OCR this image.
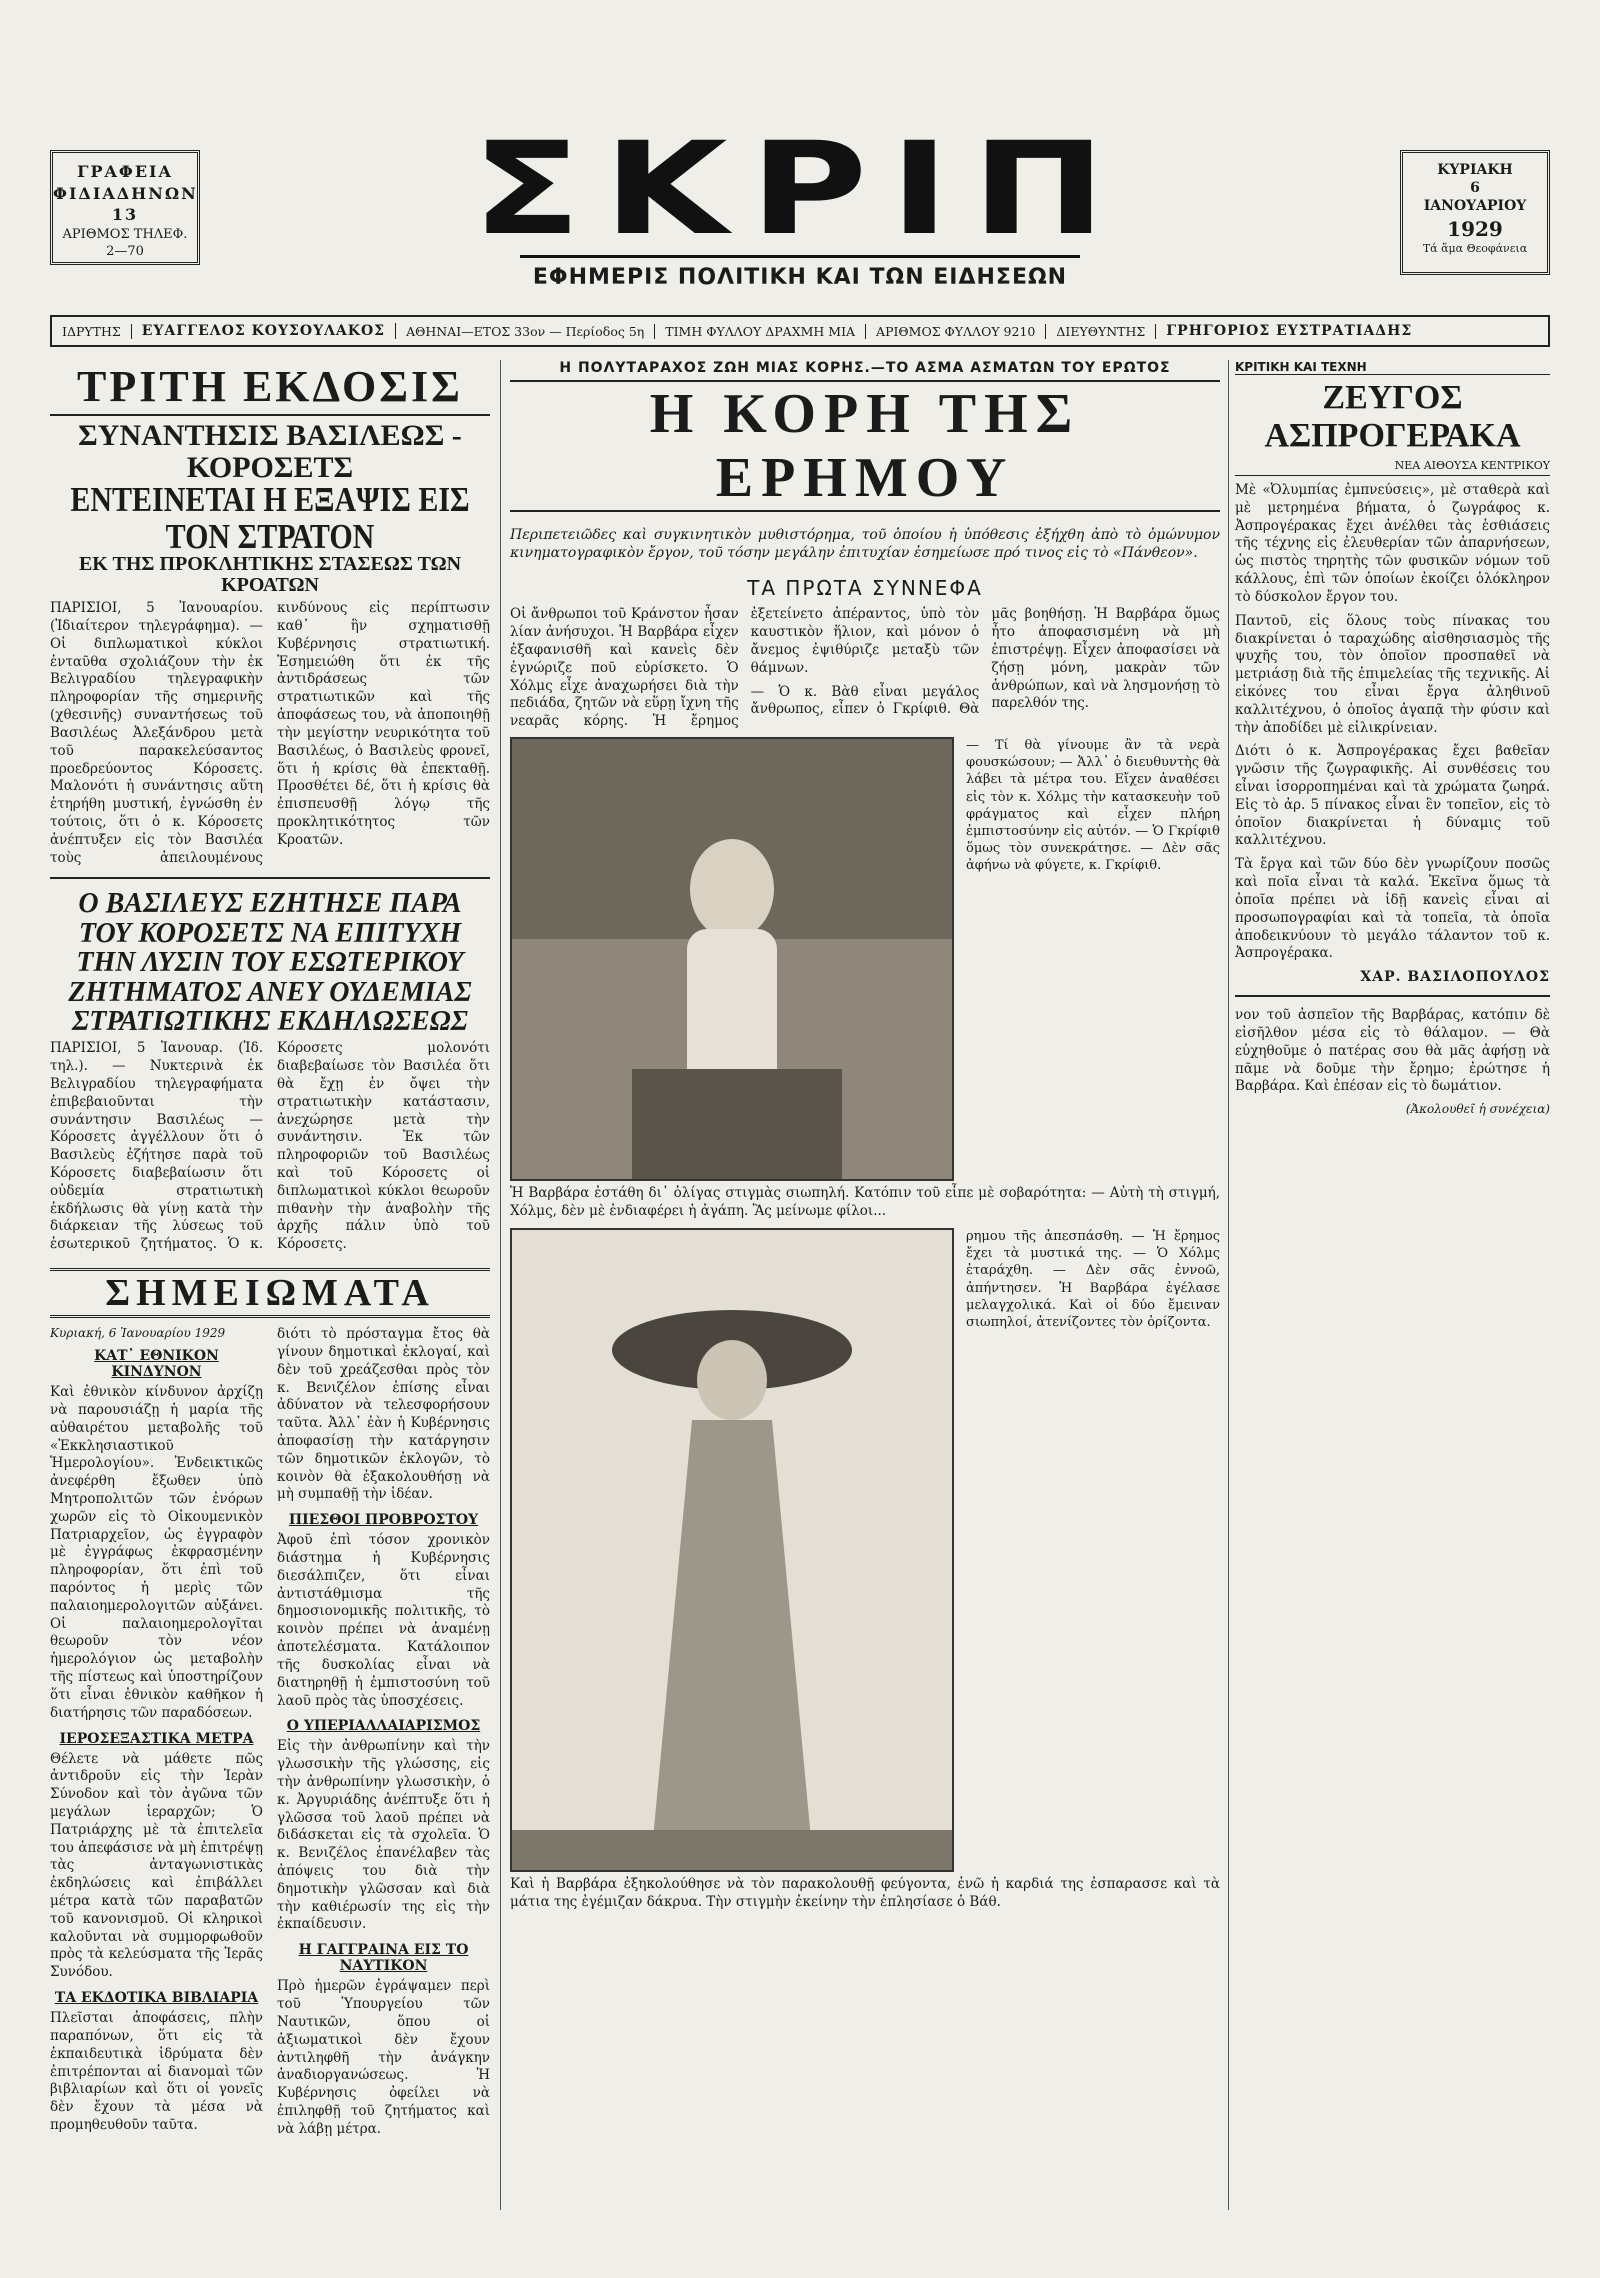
ΓΡΑΦΕΙΑ
ΦΙΔΙΑΔΗΝΩΝ 13
ΑΡΙΘΜΟΣ ΤΗΛΕΦ.
2—70	ΣΚΡΙΠ
ΕΦΗΜΕΡΙΣ ΠΟΛΙΤΙΚΗ ΚΑΙ ΤΩΝ ΕΙΔΗΣΕΩΝ
ΚΥΡΙΑΚΗ
6
ΙΑΝΟΥΑΡΙΟΥ
1929
Τά ἅμα Θεοφάνεια
ΙΔΡΥΤΗΣ	ΕΥΑΓΓΕΛΟΣ ΚΟΥΣΟΥΛΑΚΟΣ	ΑΘΗΝΑΙ—ΕΤΟΣ 33ον — Περίοδος 5η	ΤΙΜΗ ΦΥΛΛΟΥ ΔΡΑΧΜΗ ΜΙΑ	ΑΡΙΘΜΟΣ ΦΥΛΛΟΥ 9210	ΔΙΕΥΘΥΝΤΗΣ	ΓΡΗΓΟΡΙΟΣ ΕΥΣΤΡΑΤΙΑΔΗΣ
ΤΡΙΤΗ ΕΚΔΟΣΙΣ
ΣΥΝΑΝΤΗΣΙΣ ΒΑΣΙΛΕΩΣ - ΚΟΡΟΣΕΤΣ
ΕΝΤΕΙΝΕΤΑΙ Η ΕΞΑΨΙΣ ΕΙΣ ΤΟΝ ΣΤΡΑΤΟΝ
ΕΚ ΤΗΣ ΠΡΟΚΛΗΤΙΚΗΣ ΣΤΑΣΕΩΣ ΤΩΝ ΚΡΟΑΤΩΝ

ΠΑΡΙΣΙΟΙ, 5 Ἰανουαρίου. (Ἰδιαίτερον τηλεγράφημα). — Οἱ διπλωματικοὶ κύκλοι ἐνταῦθα σχολιάζουν τὴν ἐκ Βελιγραδίου τηλεγραφικὴν πληροφορίαν τῆς σημερινῆς (χθεσινῆς) συναντήσεως τοῦ Βασιλέως Ἀλεξάνδρου μετὰ τοῦ παρακελεύσαντος προεδρεύοντος Κόροσετς. Μαλονότι ἡ συνάντησις αὕτη ἐτηρήθη μυστική, ἐγνώσθη ἐν τούτοις, ὅτι ὁ κ. Κόροσετς ἀνέπτυξεν εἰς τὸν Βασιλέα τοὺς ἀπειλουμένους κινδύνους εἰς περίπτωσιν καθ᾽ ἣν σχηματισθῇ Κυβέρνησις στρατιωτική. Ἐσημειώθη ὅτι ἐκ τῆς ἀντιδράσεως τῶν στρατιωτικῶν καὶ τῆς ἀποφάσεως του, νὰ ἀποποιηθῇ τὴν μεγίστην νευρικότητα τοῦ Βασιλέως, ὁ Βασιλεὺς φρονεῖ, ὅτι ἡ κρίσις θὰ ἐπεκταθῇ. Προσθέτει δέ, ὅτι ἡ κρίσις θὰ ἐπισπευσθῇ λόγῳ τῆς προκλητικότητος τῶν Κροατῶν.

Ο ΒΑΣΙΛΕΥΣ ΕΖΗΤΗΣΕ ΠΑΡΑ ΤΟΥ ΚΟΡΟΣΕΤΣ ΝΑ ΕΠΙΤΥΧΗ ΤΗΝ ΛΥΣΙΝ ΤΟΥ ΕΣΩΤΕΡΙΚΟΥ ΖΗΤΗΜΑΤΟΣ ΑΝΕΥ ΟΥΔΕΜΙΑΣ ΣΤΡΑΤΙΩΤΙΚΗΣ ΕΚΔΗΛΩΣΕΩΣ

ΠΑΡΙΣΙΟΙ, 5 Ἰανουαρ. (Ἰδ. τηλ.). — Νυκτερινὰ ἐκ Βελιγραδίου τηλεγραφήματα ἐπιβεβαιοῦνται τὴν συνάντησιν Βασιλέως — Κόροσετς ἀγγέλλουν ὅτι ὁ Βασιλεὺς ἐζήτησε παρὰ τοῦ Κόροσετς διαβεβαίωσιν ὅτι οὐδεμία στρατιωτικὴ ἐκδήλωσις θὰ γίνῃ κατὰ τὴν διάρκειαν τῆς λύσεως τοῦ ἐσωτερικοῦ ζητήματος. Ὁ κ. Κόροσετς μολονότι διαβεβαίωσε τὸν Βασιλέα ὅτι θὰ ἔχῃ ἐν ὄψει τὴν στρατιωτικὴν κατάστασιν, ἀνεχώρησε μετὰ τὴν συνάντησιν. Ἐκ τῶν πληροφοριῶν τοῦ Βασιλέως καὶ τοῦ Κόροσετς οἱ διπλωματικοὶ κύκλοι θεωροῦν πιθανὴν τὴν ἀναβολὴν τῆς ἀρχῆς πάλιν ὑπὸ τοῦ Κόροσετς.

ΣΗΜΕΙΩΜΑΤΑ
Κυριακή, 6 Ἰανουαρίου 1929
ΚΑΤ᾽ ΕΘΝΙΚΟΝ ΚΙΝΔΥΝΟΝ

Καὶ ἐθνικὸν κίνδυνον ἀρχίζῃ νὰ παρουσιάζῃ ἡ μαρία τῆς αὐθαιρέτου μεταβολῆς τοῦ «Ἐκκλησιαστικοῦ Ἡμερολογίου». Ἐνδεικτικῶς ἀνεφέρθη ἔξωθεν ὑπὸ Μητροπολιτῶν τῶν ἐνόρων χωρῶν εἰς τὸ Οἰκουμενικὸν Πατριαρχεῖον, ὡς ἐγγραφὸν μὲ ἐγγράφως ἐκφρασμένην πληροφορίαν, ὅτι ἐπὶ τοῦ παρόντος ἡ μερὶς τῶν παλαιοημερολογιτῶν αὐξάνει. Οἱ παλαιοημερολογῖται θεωροῦν τὸν νέον ἡμερολόγιον ὡς μεταβολὴν τῆς πίστεως καὶ ὑποστηρίζουν ὅτι εἶναι ἐθνικὸν καθῆκον ἡ διατήρησις τῶν παραδόσεων.

ΙΕΡΟΣΕΞΑΣΤΙΚΑ ΜΕΤΡΑ

Θέλετε νὰ μάθετε πῶς ἀντιδροῦν εἰς τὴν Ἱερὰν Σύνοδον καὶ τὸν ἀγῶνα τῶν μεγάλων ἱεραρχῶν; Ὁ Πατριάρχης μὲ τὰ ἐπιτελεῖα του ἀπεφάσισε νὰ μὴ ἐπιτρέψῃ τὰς ἀνταγωνιστικὰς ἐκδηλώσεις καὶ ἐπιβάλλει μέτρα κατὰ τῶν παραβατῶν τοῦ κανονισμοῦ. Οἱ κληρικοὶ καλοῦνται νὰ συμμορφωθοῦν πρὸς τὰ κελεύσματα τῆς Ἱερᾶς Συνόδου.

ΤΑ ΕΚΔΟΤΙΚΑ ΒΙΒΛΙΑΡΙΑ

Πλεῖσται ἀποφάσεις, πλὴν παραπόνων, ὅτι εἰς τὰ ἐκπαιδευτικὰ ἱδρύματα δὲν ἐπιτρέπονται αἱ διανομαὶ τῶν βιβλιαρίων καὶ ὅτι οἱ γονεῖς δὲν ἔχουν τὰ μέσα νὰ προμηθευθοῦν ταῦτα.

διότι τὸ πρόσταγμα ἔτος θὰ γίνουν δημοτικαὶ ἐκλογαί, καὶ δὲν τοῦ χρεάζεσθαι πρὸς τὸν κ. Βενιζέλον ἐπίσης εἶναι ἀδύνατον νὰ τελεσφορήσουν ταῦτα. Ἀλλ᾽ ἐὰν ἡ Κυβέρνησις ἀποφασίσῃ τὴν κατάργησιν τῶν δημοτικῶν ἐκλογῶν, τὸ κοινὸν θὰ ἐξακολουθήσῃ νὰ μὴ συμπαθῇ τὴν ἰδέαν.

ΠΙΕΣΘΟΙ ΠΡΟΒΡΟΣΤΟΥ

Ἀφοῦ ἐπὶ τόσον χρονικὸν διάστημα ἡ Κυβέρνησις διεσάλπιζεν, ὅτι εἶναι ἀντιστάθμισμα τῆς δημοσιονομικῆς πολιτικῆς, τὸ κοινὸν πρέπει νὰ ἀναμένῃ ἀποτελέσματα. Κατάλοιπον τῆς δυσκολίας εἶναι νὰ διατηρηθῇ ἡ ἐμπιστοσύνη τοῦ λαοῦ πρὸς τὰς ὑποσχέσεις.

Ο ΥΠΕΡΙΑΛΛΑΙΑΡΙΣΜΟΣ

Εἰς τὴν ἀνθρωπίνην καὶ τὴν γλωσσικὴν τῆς γλώσσης, εἰς τὴν ἀνθρωπίνην γλωσσικὴν, ὁ κ. Ἀργυριάδης ἀνέπτυξε ὅτι ἡ γλῶσσα τοῦ λαοῦ πρέπει νὰ διδάσκεται εἰς τὰ σχολεῖα. Ὁ κ. Βενιζέλος ἐπανέλαβεν τὰς ἀπόψεις του διὰ τὴν δημοτικὴν γλῶσσαν καὶ διὰ τὴν καθιέρωσίν της εἰς τὴν ἐκπαίδευσιν.

Η ΓΑΓΓΡΑΙΝΑ ΕΙΣ ΤΟ ΝΑΥΤΙΚΟΝ

Πρὸ ἡμερῶν ἐγράψαμεν περὶ τοῦ Ὑπουργείου τῶν Ναυτικῶν, ὅπου οἱ ἀξιωματικοὶ δὲν ἔχουν ἀντιληφθῆ τὴν ἀνάγκην ἀναδιοργανώσεως. Ἡ Κυβέρνησις ὀφείλει νὰ ἐπιληφθῇ τοῦ ζητήματος καὶ νὰ λάβῃ μέτρα.

Η ΠΟΛΥΤΑΡΑΧΟΣ ΖΩΗ ΜΙΑΣ ΚΟΡΗΣ.—ΤΟ ΑΣΜΑ ΑΣΜΑΤΩΝ ΤΟΥ ΕΡΩΤΟΣ
Η ΚΟΡΗ ΤΗΣ ΕΡΗΜΟΥ

Περιπετειῶδες καὶ συγκινητικὸν μυθιστόρημα, τοῦ ὁποίου ἡ ὑπόθεσις ἐξήχθη ἀπὸ τὸ ὁμώνυμον κινηματογραφικὸν ἔργον, τοῦ τόσην μεγάλην ἐπιτυχίαν ἐσημείωσε πρό τινος εἰς τὸ «Πάνθεον».

ΤΑ ΠΡΩΤΑ ΣΥΝΝΕΦΑ

Οἱ ἄνθρωποι τοῦ Κράνστον ἦσαν λίαν ἀνήσυχοι. Ἡ Βαρβάρα εἶχεν ἐξαφανισθῆ καὶ κανεὶς δὲν ἐγνώριζε ποῦ εὑρίσκετο. Ὁ Χόλμς εἶχε ἀναχωρήσει διὰ τὴν πεδιάδα, ζητῶν νὰ εὕρῃ ἴχνη τῆς νεαρᾶς κόρης. Ἡ ἔρημος ἐξετείνετο ἀπέραντος, ὑπὸ τὸν καυστικὸν ἥλιον, καὶ μόνον ὁ ἄνεμος ἐψιθύριζε μεταξὺ τῶν θάμνων.

— Ὁ κ. Βὰθ εἶναι μεγάλος ἄνθρωπος, εἶπεν ὁ Γκρίφιθ. Θὰ μᾶς βοηθήσῃ. Ἡ Βαρβάρα ὅμως ἦτο ἀποφασισμένη νὰ μὴ ἐπιστρέψῃ. Εἶχεν ἀποφασίσει νὰ ζήσῃ μόνη, μακρὰν τῶν ἀνθρώπων, καὶ νὰ λησμονήσῃ τὸ παρελθόν της.

— Τί θὰ γίνουμε ἂν τὰ νερὰ φουσκώσουν; — Ἀλλ᾽ ὁ διευθυντὴς θὰ λάβει τὰ μέτρα του. Εἴχεν ἀναθέσει εἰς τὸν κ. Χόλμς τὴν κατασκευὴν τοῦ φράγματος καὶ εἶχεν πλήρη ἐμπιστοσύνην εἰς αὐτόν. — Ὁ Γκρίφιθ ὅμως τὸν συνεκράτησε. — Δὲν σᾶς ἀφήνω νὰ φύγετε, κ. Γκρίφιθ.

Ἡ Βαρβάρα ἐστάθη δι᾽ ὀλίγας στιγμὰς σιωπηλή. Κατόπιν τοῦ εἶπε μὲ σοβαρότητα: — Αὐτὴ τὴ στιγμή, Χόλμς, δὲν μὲ ἐνδιαφέρει ἡ ἀγάπη. Ἂς μείνωμε φίλοι...

ρημου τῆς ἀπεσπάσθη. — Ἡ ἔρημος ἔχει τὰ μυστικά της. — Ὁ Χόλμς ἐταράχθη. — Δὲν σᾶς ἐννοῶ, ἀπήντησεν. Ἡ Βαρβάρα ἐγέλασε μελαγχολικά. Καὶ οἱ δύο ἔμειναν σιωπηλοί, ἀτενίζοντες τὸν ὁρίζοντα.

Καὶ ἡ Βαρβάρα ἐξηκολούθησε νὰ τὸν παρακολουθῇ φεύγοντα, ἐνῶ ἡ καρδιά της ἐσπαρασσε καὶ τὰ μάτια της ἐγέμιζαν δάκρυα. Τὴν στιγμὴν ἐκείνην τὴν ἐπλησίασε ὁ Βάθ.

ΚΡΙΤΙΚΗ ΚΑΙ ΤΕΧΝΗ
ΖΕΥΓΟΣ ΑΣΠΡΟΓΕΡΑΚΑ
ΝΕΑ ΑΙΘΟΥΣΑ ΚΕΝΤΡΙΚΟΥ

Μὲ «Ὀλυμπίας ἐμπνεύσεις», μὲ σταθερὰ καὶ μὲ μετρημένα βήματα, ὁ ζωγράφος κ. Ἀσπρογέρακας ἔχει ἀνέλθει τὰς ἑσθιάσεις τῆς τέχνης εἰς ἐλευθερίαν τῶν ἀπαρνήσεων, ὡς πιστὸς τηρητὴς τῶν φυσικῶν νόμων τοῦ κάλλους, ἐπὶ τῶν ὁποίων ἐκοίζει ὁλόκληρον τὸ δύσκολον ἔργον του.

Παντοῦ, εἰς ὅλους τοὺς πίνακας του διακρίνεται ὁ ταραχώδης αἰσθησιασμὸς τῆς ψυχῆς του, τὸν ὁποῖον προσπαθεῖ νὰ μετριάσῃ διὰ τῆς ἐπιμελείας τῆς τεχνικῆς. Αἱ εἰκόνες του εἶναι ἔργα ἀληθινοῦ καλλιτέχνου, ὁ ὁποῖος ἀγαπᾷ τὴν φύσιν καὶ τὴν ἀποδίδει μὲ εἰλικρίνειαν.

Διότι ὁ κ. Ἀσπρογέρακας ἔχει βαθεῖαν γνῶσιν τῆς ζωγραφικῆς. Αἱ συνθέσεις του εἶναι ἰσορροπημέναι καὶ τὰ χρώματα ζωηρά. Εἰς τὸ ἀρ. 5 πίνακος εἶναι ἓν τοπεῖον, εἰς τὸ ὁποῖον διακρίνεται ἡ δύναμις τοῦ καλλιτέχνου.

Τὰ ἔργα καὶ τῶν δύο δὲν γνωρίζουν ποσῶς καὶ ποῖα εἶναι τὰ καλά. Ἐκεῖνα ὅμως τὰ ὁποῖα πρέπει νὰ ἰδῇ κανεὶς εἶναι αἱ προσωπογραφίαι καὶ τὰ τοπεῖα, τὰ ὁποῖα ἀποδεικνύουν τὸ μεγάλο τάλαντον τοῦ κ. Ἀσπρογέρακα.

ΧΑΡ. ΒΑΣΙΛΟΠΟΥΛΟΣ

νον τοῦ ἀσπεῖον τῆς Βαρβάρας, κατόπιν δὲ εἰσῆλθον μέσα εἰς τὸ θάλαμον. — Θὰ εὐχηθοῦμε ὁ πατέρας σου θὰ μᾶς ἀφήσῃ νὰ πᾶμε νὰ δοῦμε τὴν ἔρημο; ἐρώτησε ἡ Βαρβάρα. Καὶ ἐπέσαν εἰς τὸ δωμάτιον.

(Ἀκολουθεῖ ἡ συνέχεια)
